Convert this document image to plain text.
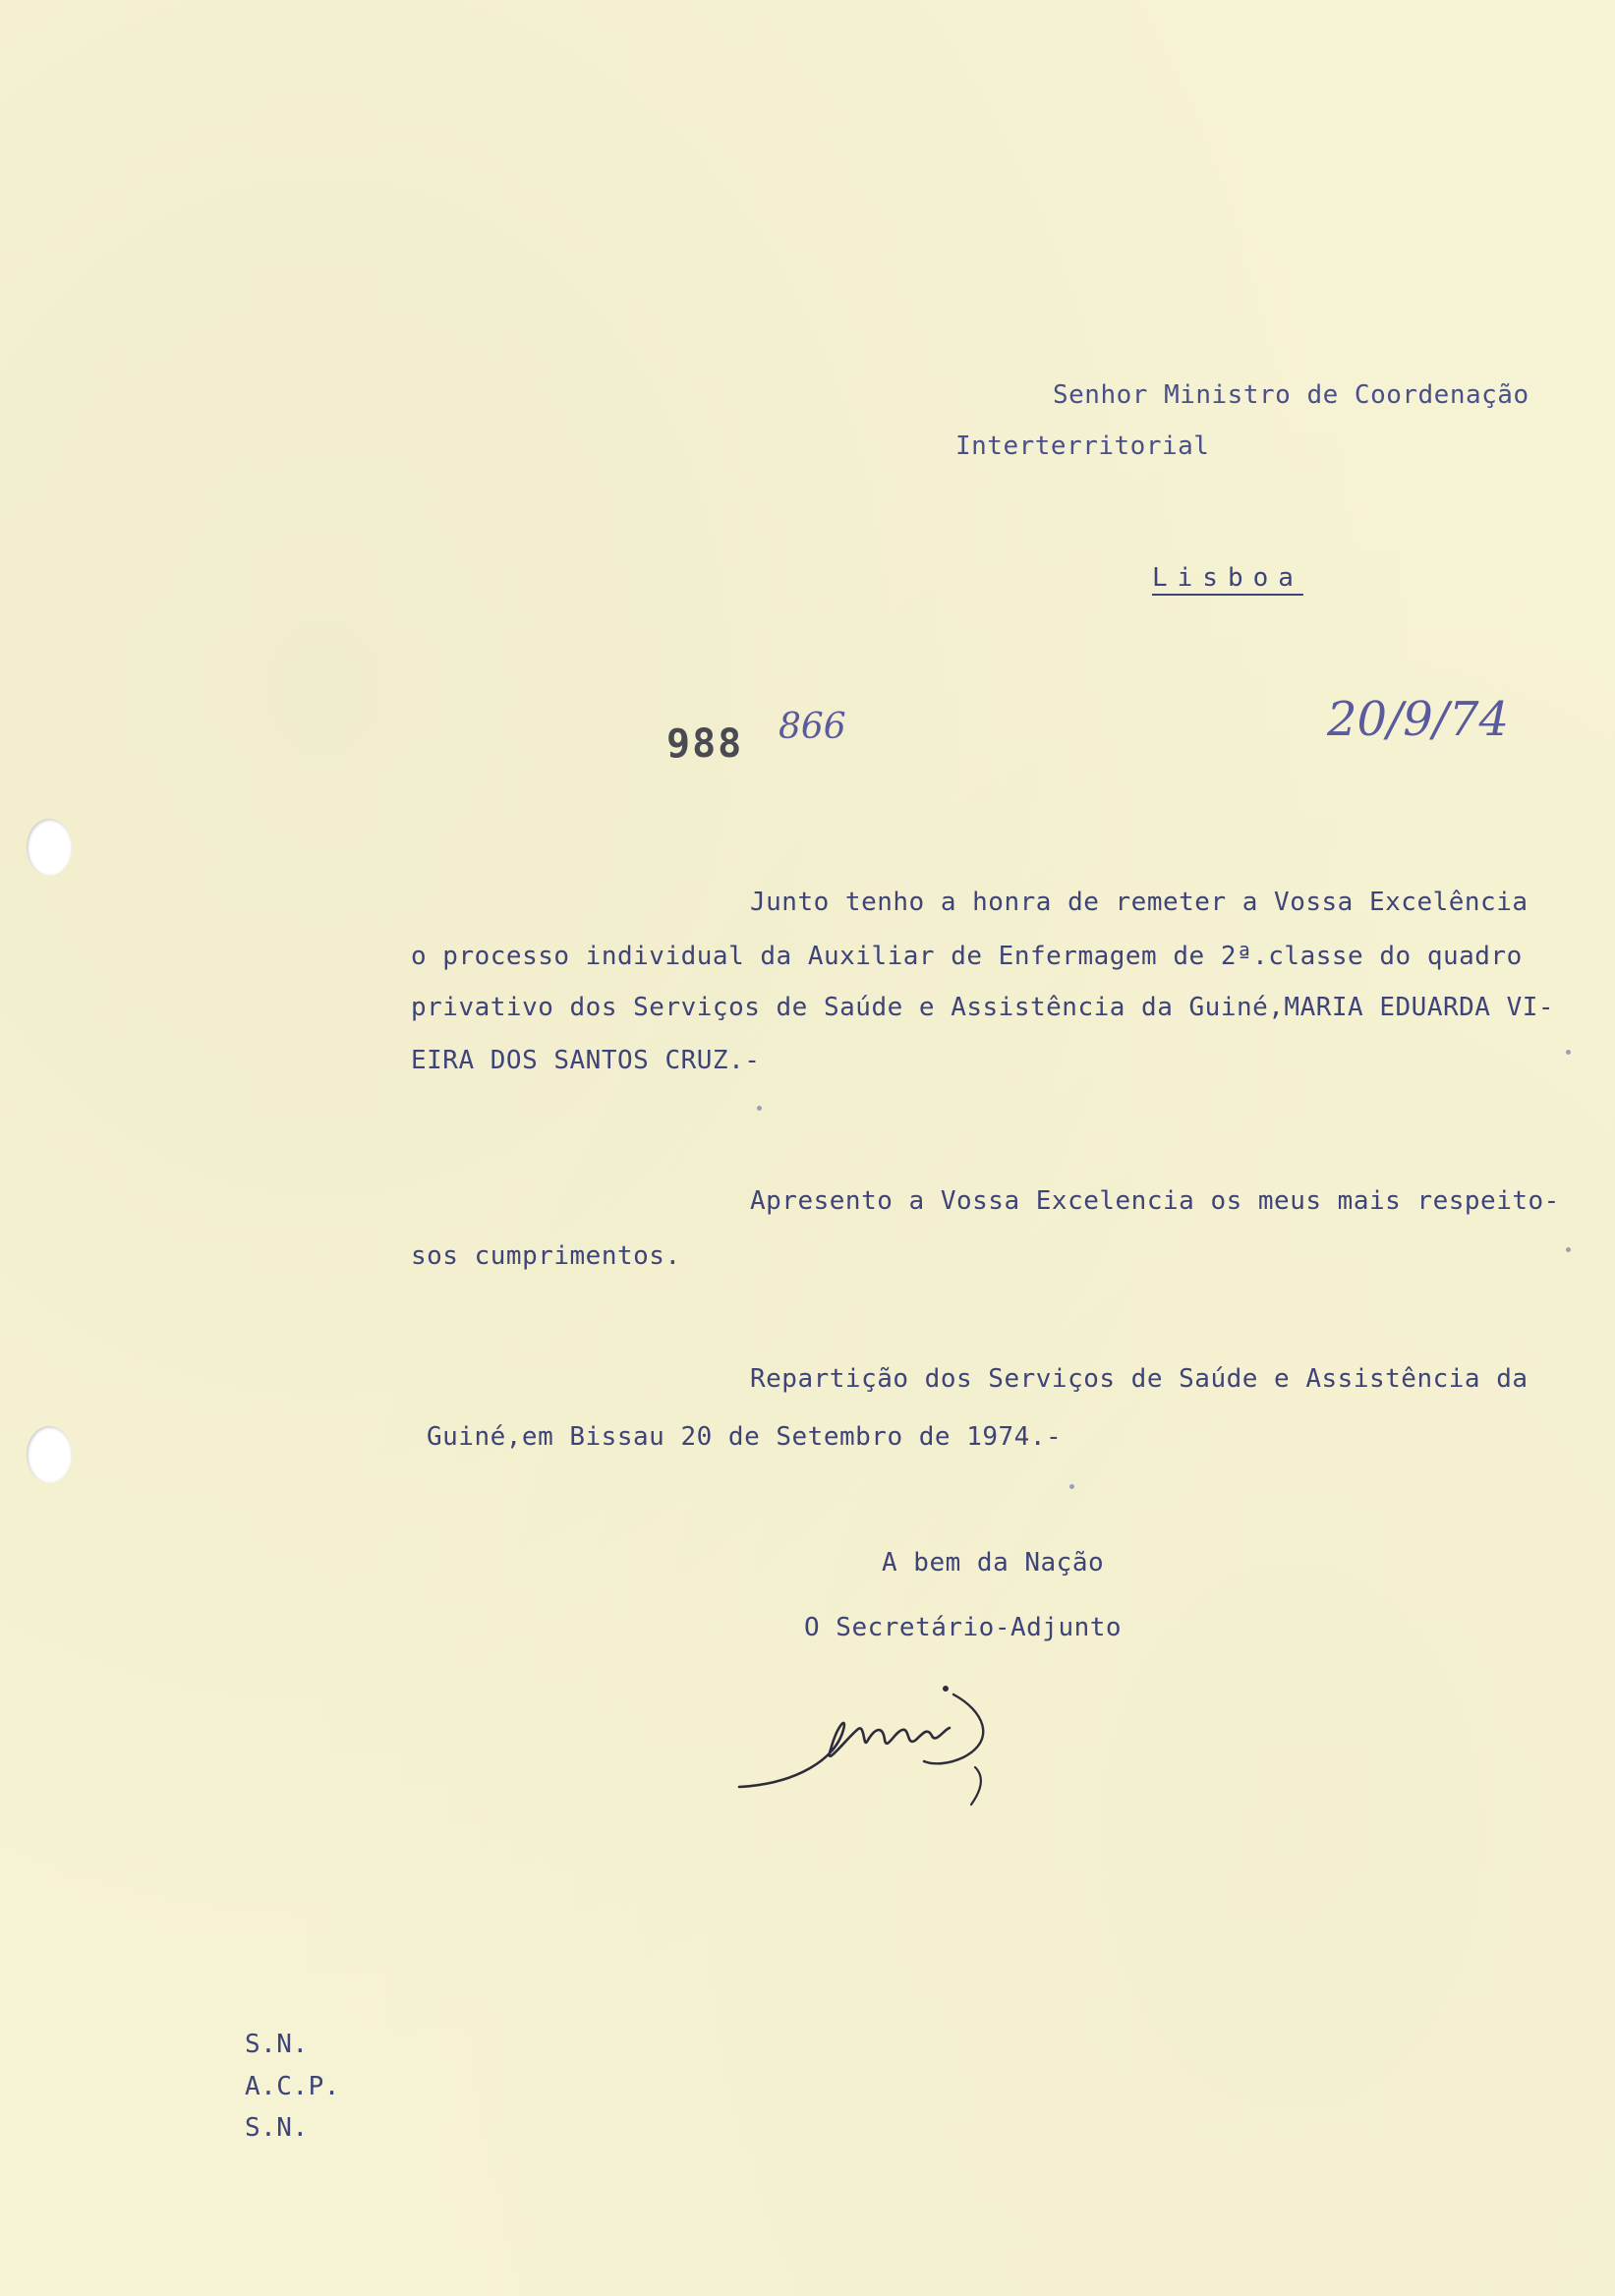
Senhor Ministro de Coordenação
Interterritorial
Lisboa
988 866	20/9/74
Junto tenho a honra de remeter a Vossa Excelência
o processo individual da Auxiliar de Enfermagem de 2ª.classe do quadro
privativo dos Serviços de Saúde e Assistência da Guiné,MARIA EDUARDA VI-
EIRA DOS SANTOS CRUZ.-
Apresento a Vossa Excelencia os meus mais respeito-
sos cumprimentos.
Repartição dos Serviços de Saúde e Assistência da
Guiné,em Bissau 20 de Setembro de 1974.-
A bem da Nação
O Secretário-Adjunto
S.N.
A.C.P.
S.N.
